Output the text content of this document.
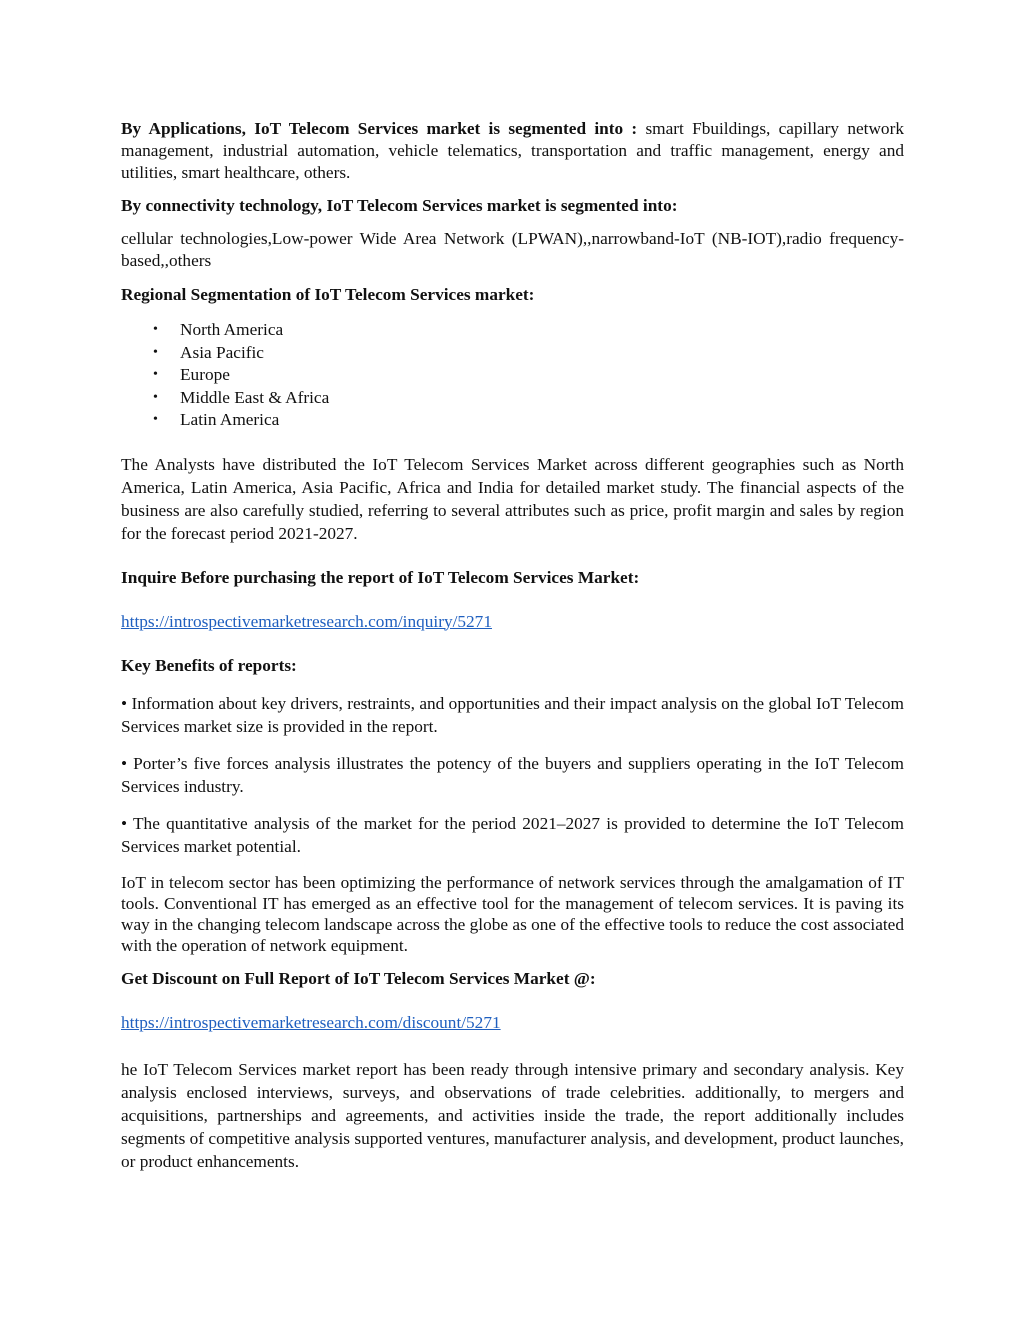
By Applications, IoT Telecom Services market is segmented into : smart Fbuildings, capillary network management, industrial automation, vehicle telematics, transportation and traffic management, energy and utilities, smart healthcare, others.

By connectivity technology, IoT Telecom Services market is segmented into:

cellular technologies,Low-power Wide Area Network (LPWAN),,narrowband-IoT (NB-IOT),radio frequency-based,,others

Regional Segmentation of IoT Telecom Services market:

• North America
• Asia Pacific
• Europe
• Middle East & Africa
• Latin America

The Analysts have distributed the IoT Telecom Services Market across different geographies such as North America, Latin America, Asia Pacific, Africa and India for detailed market study. The financial aspects of the business are also carefully studied, referring to several attributes such as price, profit margin and sales by region for the forecast period 2021-2027.

Inquire Before purchasing the report of IoT Telecom Services Market:

https://introspectivemarketresearch.com/inquiry/5271

Key Benefits of reports:

• Information about key drivers, restraints, and opportunities and their impact analysis on the global IoT Telecom Services market size is provided in the report.

• Porter’s five forces analysis illustrates the potency of the buyers and suppliers operating in the IoT Telecom Services industry.

• The quantitative analysis of the market for the period 2021–2027 is provided to determine the IoT Telecom Services market potential.

IoT in telecom sector has been optimizing the performance of network services through the amalgamation of IT tools. Conventional IT has emerged as an effective tool for the management of telecom services. It is paving its way in the changing telecom landscape across the globe as one of the effective tools to reduce the cost associated with the operation of network equipment.

Get Discount on Full Report of IoT Telecom Services Market @:

https://introspectivemarketresearch.com/discount/5271

he IoT Telecom Services market report has been ready through intensive primary and secondary analysis. Key analysis enclosed interviews, surveys, and observations of trade celebrities. additionally, to mergers and acquisitions, partnerships and agreements, and activities inside the trade, the report additionally includes segments of competitive analysis supported ventures, manufacturer analysis, and development, product launches, or product enhancements.
